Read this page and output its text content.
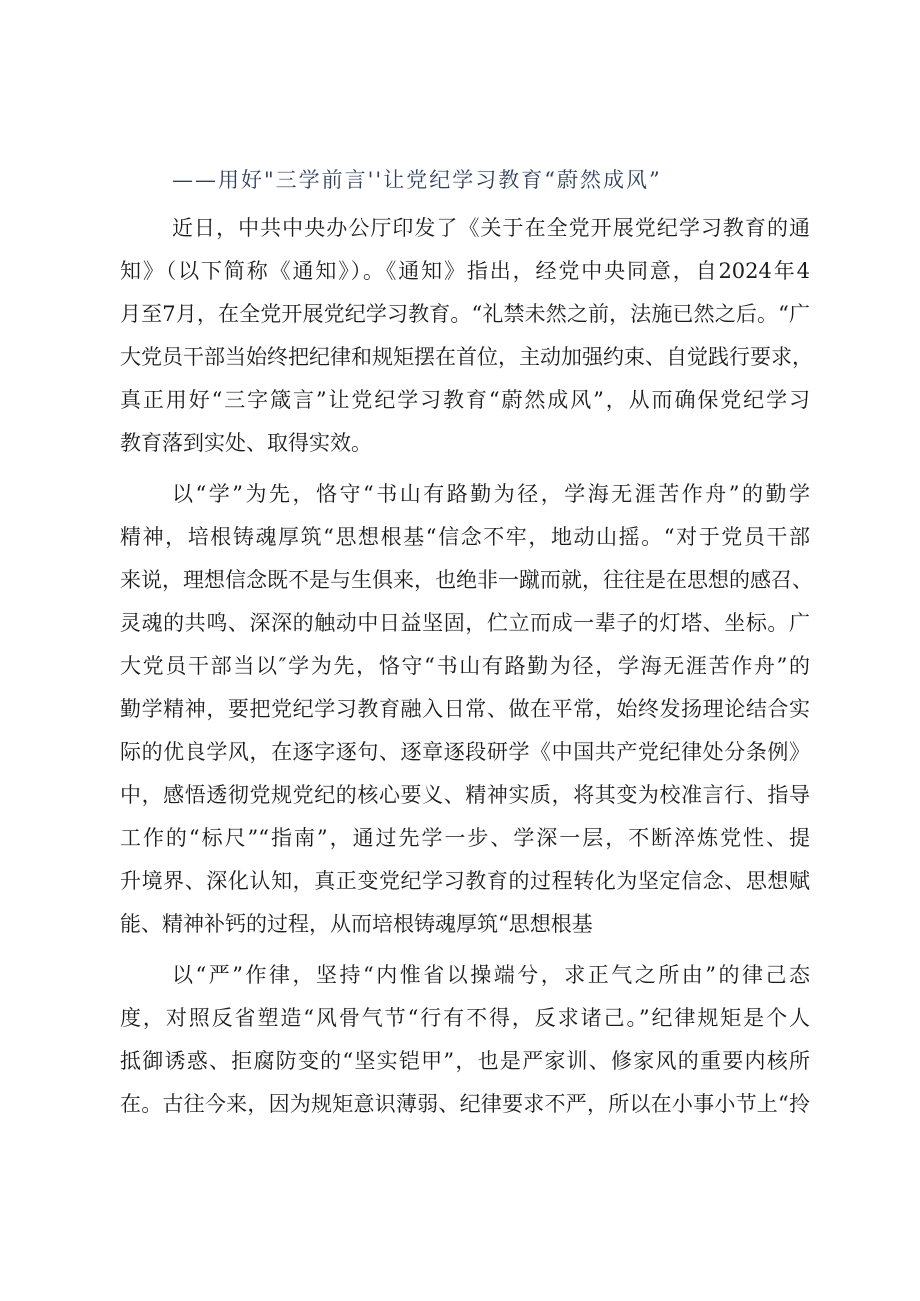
——用好"三学前言''让党纪学习教育“蔚然成风”
近日，中共中央办公厅印发了《关于在全党开展党纪学习教育的通
知》（以下简称《通知》）。《通知》指出，经党中央同意，自2024年4
月至7月，在全党开展党纪学习教育。“礼禁未然之前，法施已然之后。“广
大党员干部当始终把纪律和规矩摆在首位，主动加强约束、自觉践行要求，
真正用好“三字箴言”让党纪学习教育“蔚然成风”，从而确保党纪学习
教育落到实处、取得实效。
以“学”为先，恪守“书山有路勤为径，学海无涯苦作舟”的勤学
精神，培根铸魂厚筑“思想根基“信念不牢，地动山摇。“对于党员干部
来说，理想信念既不是与生俱来，也绝非一蹴而就，往往是在思想的感召、
灵魂的共鸣、深深的触动中日益坚固，伫立而成一辈子的灯塔、坐标。广
大党员干部当以″学为先，恪守“书山有路勤为径，学海无涯苦作舟”的
勤学精神，要把党纪学习教育融入日常、做在平常，始终发扬理论结合实
际的优良学风，在逐字逐句、逐章逐段研学《中国共产党纪律处分条例》
中，感悟透彻党规党纪的核心要义、精神实质，将其变为校准言行、指导
工作的“标尺”“指南”，通过先学一步、学深一层，不断淬炼党性、提
升境界、深化认知，真正变党纪学习教育的过程转化为坚定信念、思想赋
能、精神补钙的过程，从而培根铸魂厚筑“思想根基
以“严”作律，坚持“内惟省以操端兮，求正气之所由”的律己态
度，对照反省塑造“风骨气节“行有不得，反求诸己。”纪律规矩是个人
抵御诱惑、拒腐防变的“坚实铠甲”，也是严家训、修家风的重要内核所
在。古往今来，因为规矩意识薄弱、纪律要求不严，所以在小事小节上“拎
